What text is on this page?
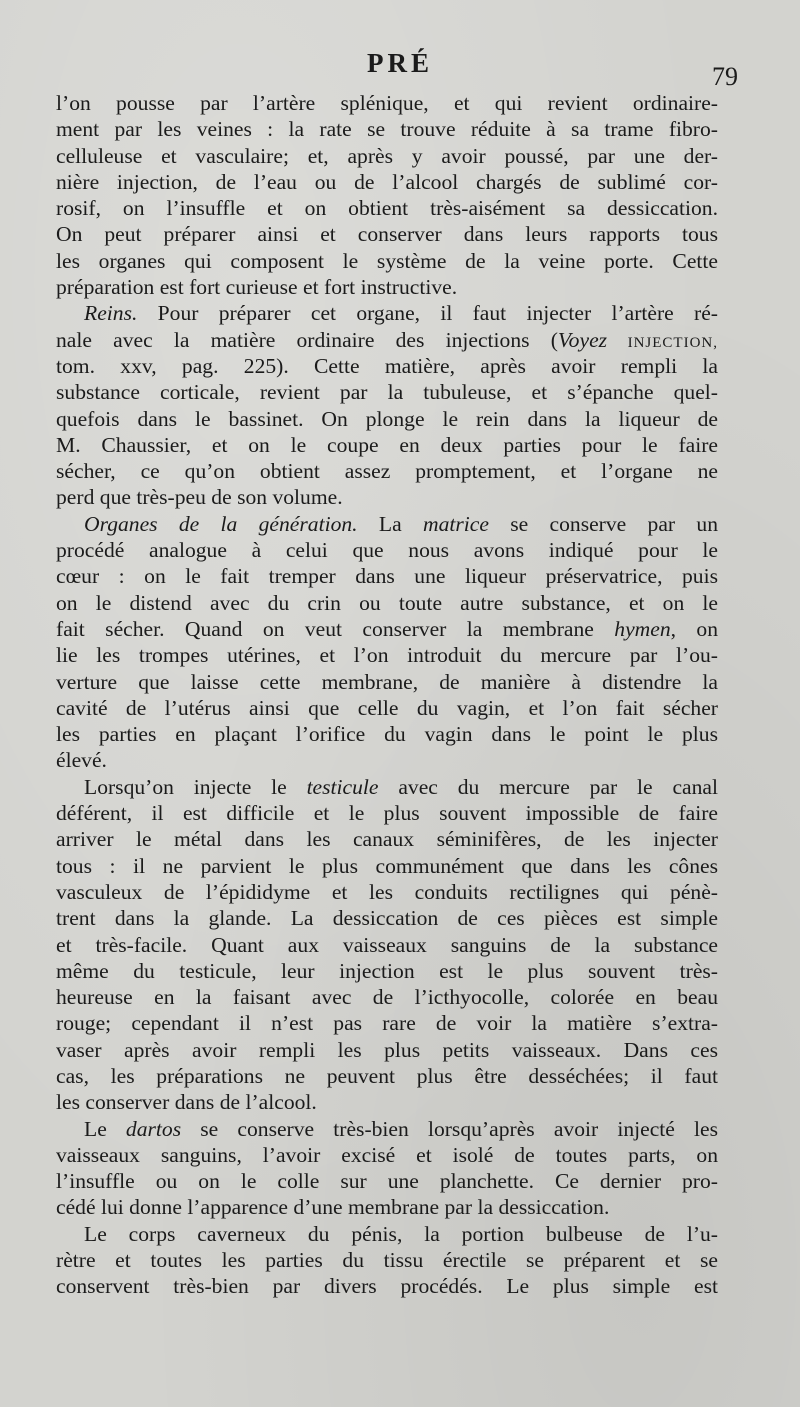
PRÉ	79
l’on pousse par l’artère splénique, et qui revient ordinaire-
ment par les veines : la rate se trouve réduite à sa trame fibro-
celluleuse et vasculaire; et, après y avoir poussé, par une der-
nière injection, de l’eau ou de l’alcool chargés de sublimé cor-
rosif, on l’insuffle et on obtient très-aisément sa dessiccation.
On peut préparer ainsi et conserver dans leurs rapports tous
les organes qui composent le système de la veine porte. Cette
préparation est fort curieuse et fort instructive.
Reins. Pour préparer cet organe, il faut injecter l’artère ré-
nale avec la matière ordinaire des injections (Voyez INJECTION,
tom. xxv, pag. 225). Cette matière, après avoir rempli la
substance corticale, revient par la tubuleuse, et s’épanche quel-
quefois dans le bassinet. On plonge le rein dans la liqueur de
M. Chaussier, et on le coupe en deux parties pour le faire
sécher, ce qu’on obtient assez promptement, et l’organe ne
perd que très-peu de son volume.
Organes de la génération. La matrice se conserve par un
procédé analogue à celui que nous avons indiqué pour le
cœur : on le fait tremper dans une liqueur préservatrice, puis
on le distend avec du crin ou toute autre substance, et on le
fait sécher. Quand on veut conserver la membrane hymen, on
lie les trompes utérines, et l’on introduit du mercure par l’ou-
verture que laisse cette membrane, de manière à distendre la
cavité de l’utérus ainsi que celle du vagin, et l’on fait sécher
les parties en plaçant l’orifice du vagin dans le point le plus
élevé.
Lorsqu’on injecte le testicule avec du mercure par le canal
déférent, il est difficile et le plus souvent impossible de faire
arriver le métal dans les canaux séminifères, de les injecter
tous : il ne parvient le plus communément que dans les cônes
vasculeux de l’épididyme et les conduits rectilignes qui pénè-
trent dans la glande. La dessiccation de ces pièces est simple
et très-facile. Quant aux vaisseaux sanguins de la substance
même du testicule, leur injection est le plus souvent très-
heureuse en la faisant avec de l’icthyocolle, colorée en beau
rouge; cependant il n’est pas rare de voir la matière s’extra-
vaser après avoir rempli les plus petits vaisseaux. Dans ces
cas, les préparations ne peuvent plus être desséchées; il faut
les conserver dans de l’alcool.
Le dartos se conserve très-bien lorsqu’après avoir injecté les
vaisseaux sanguins, l’avoir excisé et isolé de toutes parts, on
l’insuffle ou on le colle sur une planchette. Ce dernier pro-
cédé lui donne l’apparence d’une membrane par la dessiccation.
Le corps caverneux du pénis, la portion bulbeuse de l’u-
rètre et toutes les parties du tissu érectile se préparent et se
conservent très-bien par divers procédés. Le plus simple est
